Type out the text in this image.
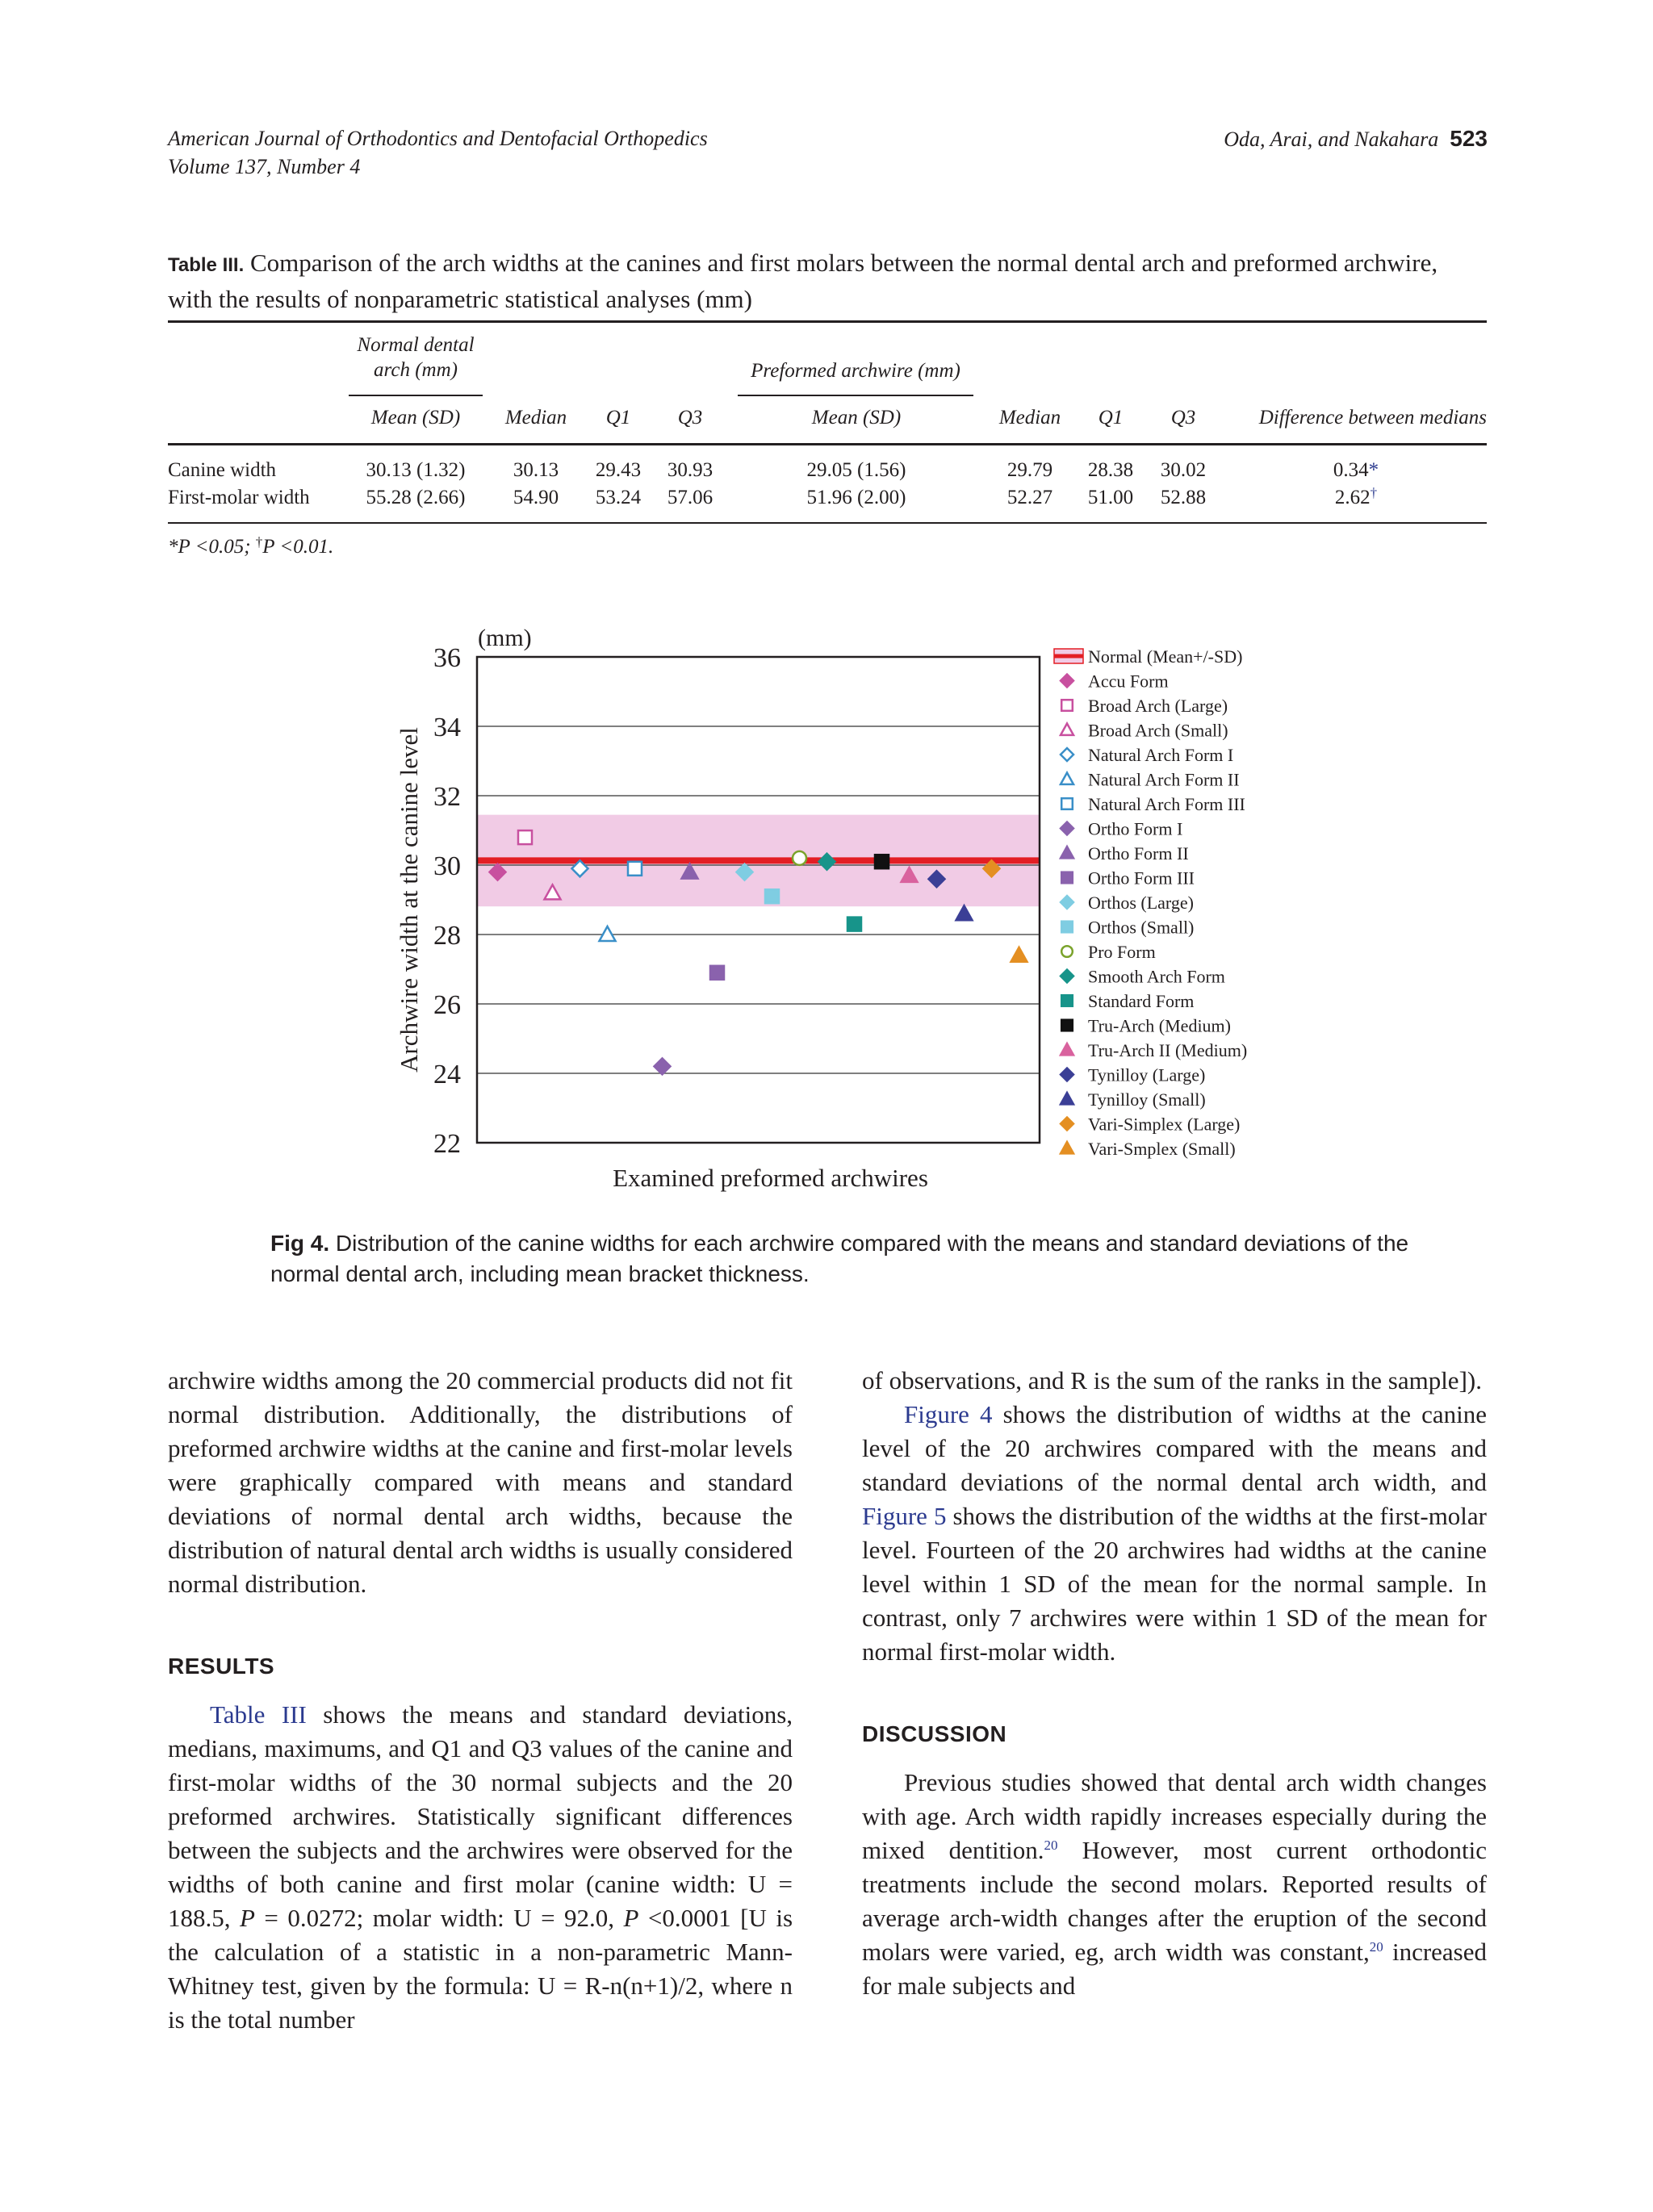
American Journal of Orthodontics and Dentofacial Orthopedics
Volume 137, Number 4
Oda, Arai, and Nakahara 523
Table III. Comparison of the arch widths at the canines and first molars between the normal dental arch and preformed archwire, with the results of nonparametric statistical analyses (mm)
Normal dental
arch (mm)	Preformed archwire (mm)
Mean (SD)	Median	Q1	Q3	Mean (SD)	Median	Q1	Q3	Difference between medians
Canine width	30.13 (1.32)	30.13	29.43	30.93	29.05 (1.56)	29.79	28.38	30.02	0.34*
First-molar width	55.28 (2.66)	54.90	53.24	57.06	51.96 (2.00)	52.27	51.00	52.88	2.62†
*P <0.05; †P <0.01.
22
24
26
28
30
32
34
36
(mm)
Examined preformed archwires
Archwire width at the canine level
Normal (Mean+/-SD)
Accu Form
Broad Arch (Large)
Broad Arch (Small)
Natural Arch Form I
Natural Arch Form II
Natural Arch Form III
Ortho Form I
Ortho Form II
Ortho Form III
Orthos (Large)
Orthos (Small)
Pro Form
Smooth Arch Form
Standard Form
Tru-Arch (Medium)
Tru-Arch II (Medium)
Tynilloy (Large)
Tynilloy (Small)
Vari-Simplex (Large)
Vari-Smplex (Small)
Fig 4. Distribution of the canine widths for each archwire compared with the means and standard deviations of the normal dental arch, including mean bracket thickness.

archwire widths among the 20 commercial products did not fit normal distribution. Additionally, the distributions of preformed archwire widths at the canine and first-molar levels were graphically compared with means and standard deviations of normal dental arch widths, because the distribution of natural dental arch widths is usually considered normal distribution.

RESULTS

Table III shows the means and standard deviations, medians, maximums, and Q1 and Q3 values of the canine and first-molar widths of the 30 normal subjects and the 20 preformed archwires. Statistically significant differences between the subjects and the archwires were observed for the widths of both canine and first molar (canine width: U = 188.5, P = 0.0272; molar width: U = 92.0, P <0.0001 [U is the calculation of a statistic in a non-parametric Mann-Whitney test, given by the formula: U = R-n(n+1)/2, where n is the total number

of observations, and R is the sum of the ranks in the sample]).

Figure 4 shows the distribution of widths at the canine level of the 20 archwires compared with the means and standard deviations of the normal dental arch width, and Figure 5 shows the distribution of the widths at the first-molar level. Fourteen of the 20 archwires had widths at the canine level within 1 SD of the mean for the normal sample. In contrast, only 7 archwires were within 1 SD of the mean for normal first-molar width.

DISCUSSION

Previous studies showed that dental arch width changes with age. Arch width rapidly increases especially during the mixed dentition.$^{20}$ However, most current orthodontic treatments include the second molars. Reported results of average arch-width changes after the eruption of the second molars were varied, eg, arch width was constant,$^{20}$ increased for male subjects and
